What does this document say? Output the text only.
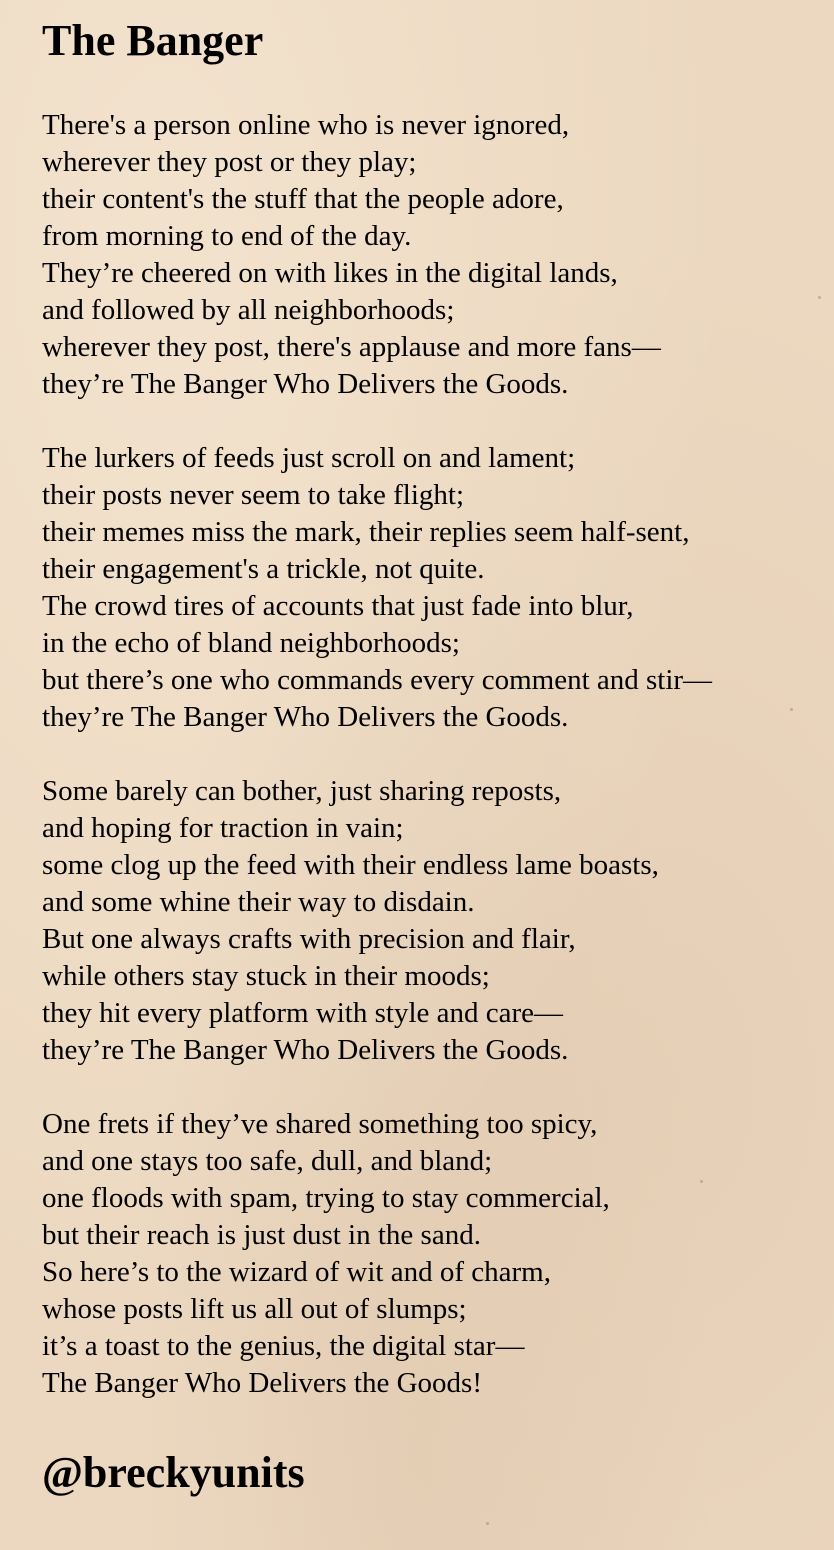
The Banger
There's a person online who is never ignored,
wherever they post or they play;
their content's the stuff that the people adore,
from morning to end of the day.
They’re cheered on with likes in the digital lands,
and followed by all neighborhoods;
wherever they post, there's applause and more fans—
they’re The Banger Who Delivers the Goods.
The lurkers of feeds just scroll on and lament;
their posts never seem to take flight;
their memes miss the mark, their replies seem half-sent,
their engagement's a trickle, not quite.
The crowd tires of accounts that just fade into blur,
in the echo of bland neighborhoods;
but there’s one who commands every comment and stir—
they’re The Banger Who Delivers the Goods.
Some barely can bother, just sharing reposts,
and hoping for traction in vain;
some clog up the feed with their endless lame boasts,
and some whine their way to disdain.
But one always crafts with precision and flair,
while others stay stuck in their moods;
they hit every platform with style and care—
they’re The Banger Who Delivers the Goods.
One frets if they’ve shared something too spicy,
and one stays too safe, dull, and bland;
one floods with spam, trying to stay commercial,
but their reach is just dust in the sand.
So here’s to the wizard of wit and of charm,
whose posts lift us all out of slumps;
it’s a toast to the genius, the digital star—
The Banger Who Delivers the Goods!
@breckyunits
